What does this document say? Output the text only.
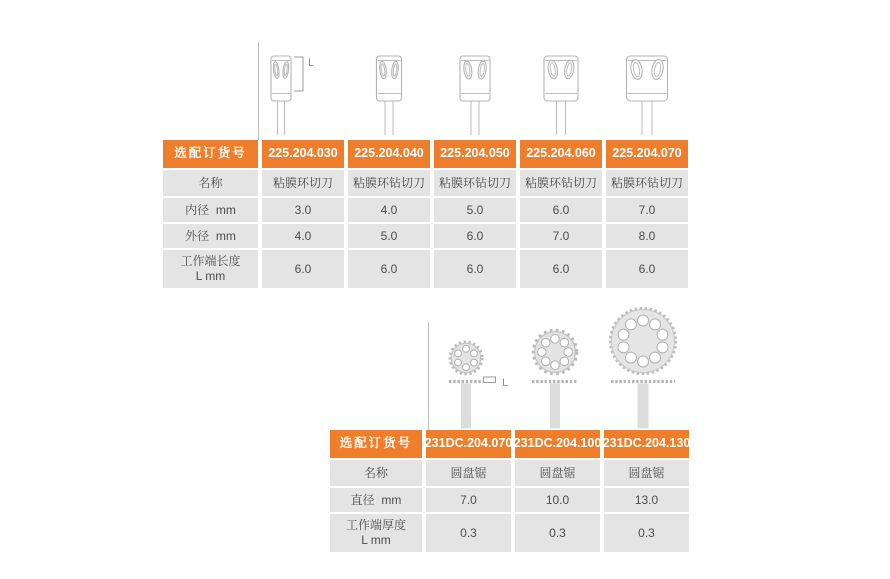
L
选配订货号 225.204.030 225.204.040 225.204.050 225.204.060 225.204.070
名称	粘膜环切刀 粘膜环钻切刀 粘膜环钻切刀 粘膜环钻切刀 粘膜环钻切刀
内径  mm	3.0	4.0	5.0	6.0	7.0
外径  mm	4.0	5.0	6.0	7.0	8.0
工作端长度
L mm
6.0	6.0	6.0	6.0	6.0
L
选配订货号 231DC.204.070 231DC.204.100 231DC.204.130
名称	圆盘锯	圆盘锯	圆盘锯
直径  mm	7.0	10.0	13.0
工作端厚度
L mm
0.3	0.3	0.3
